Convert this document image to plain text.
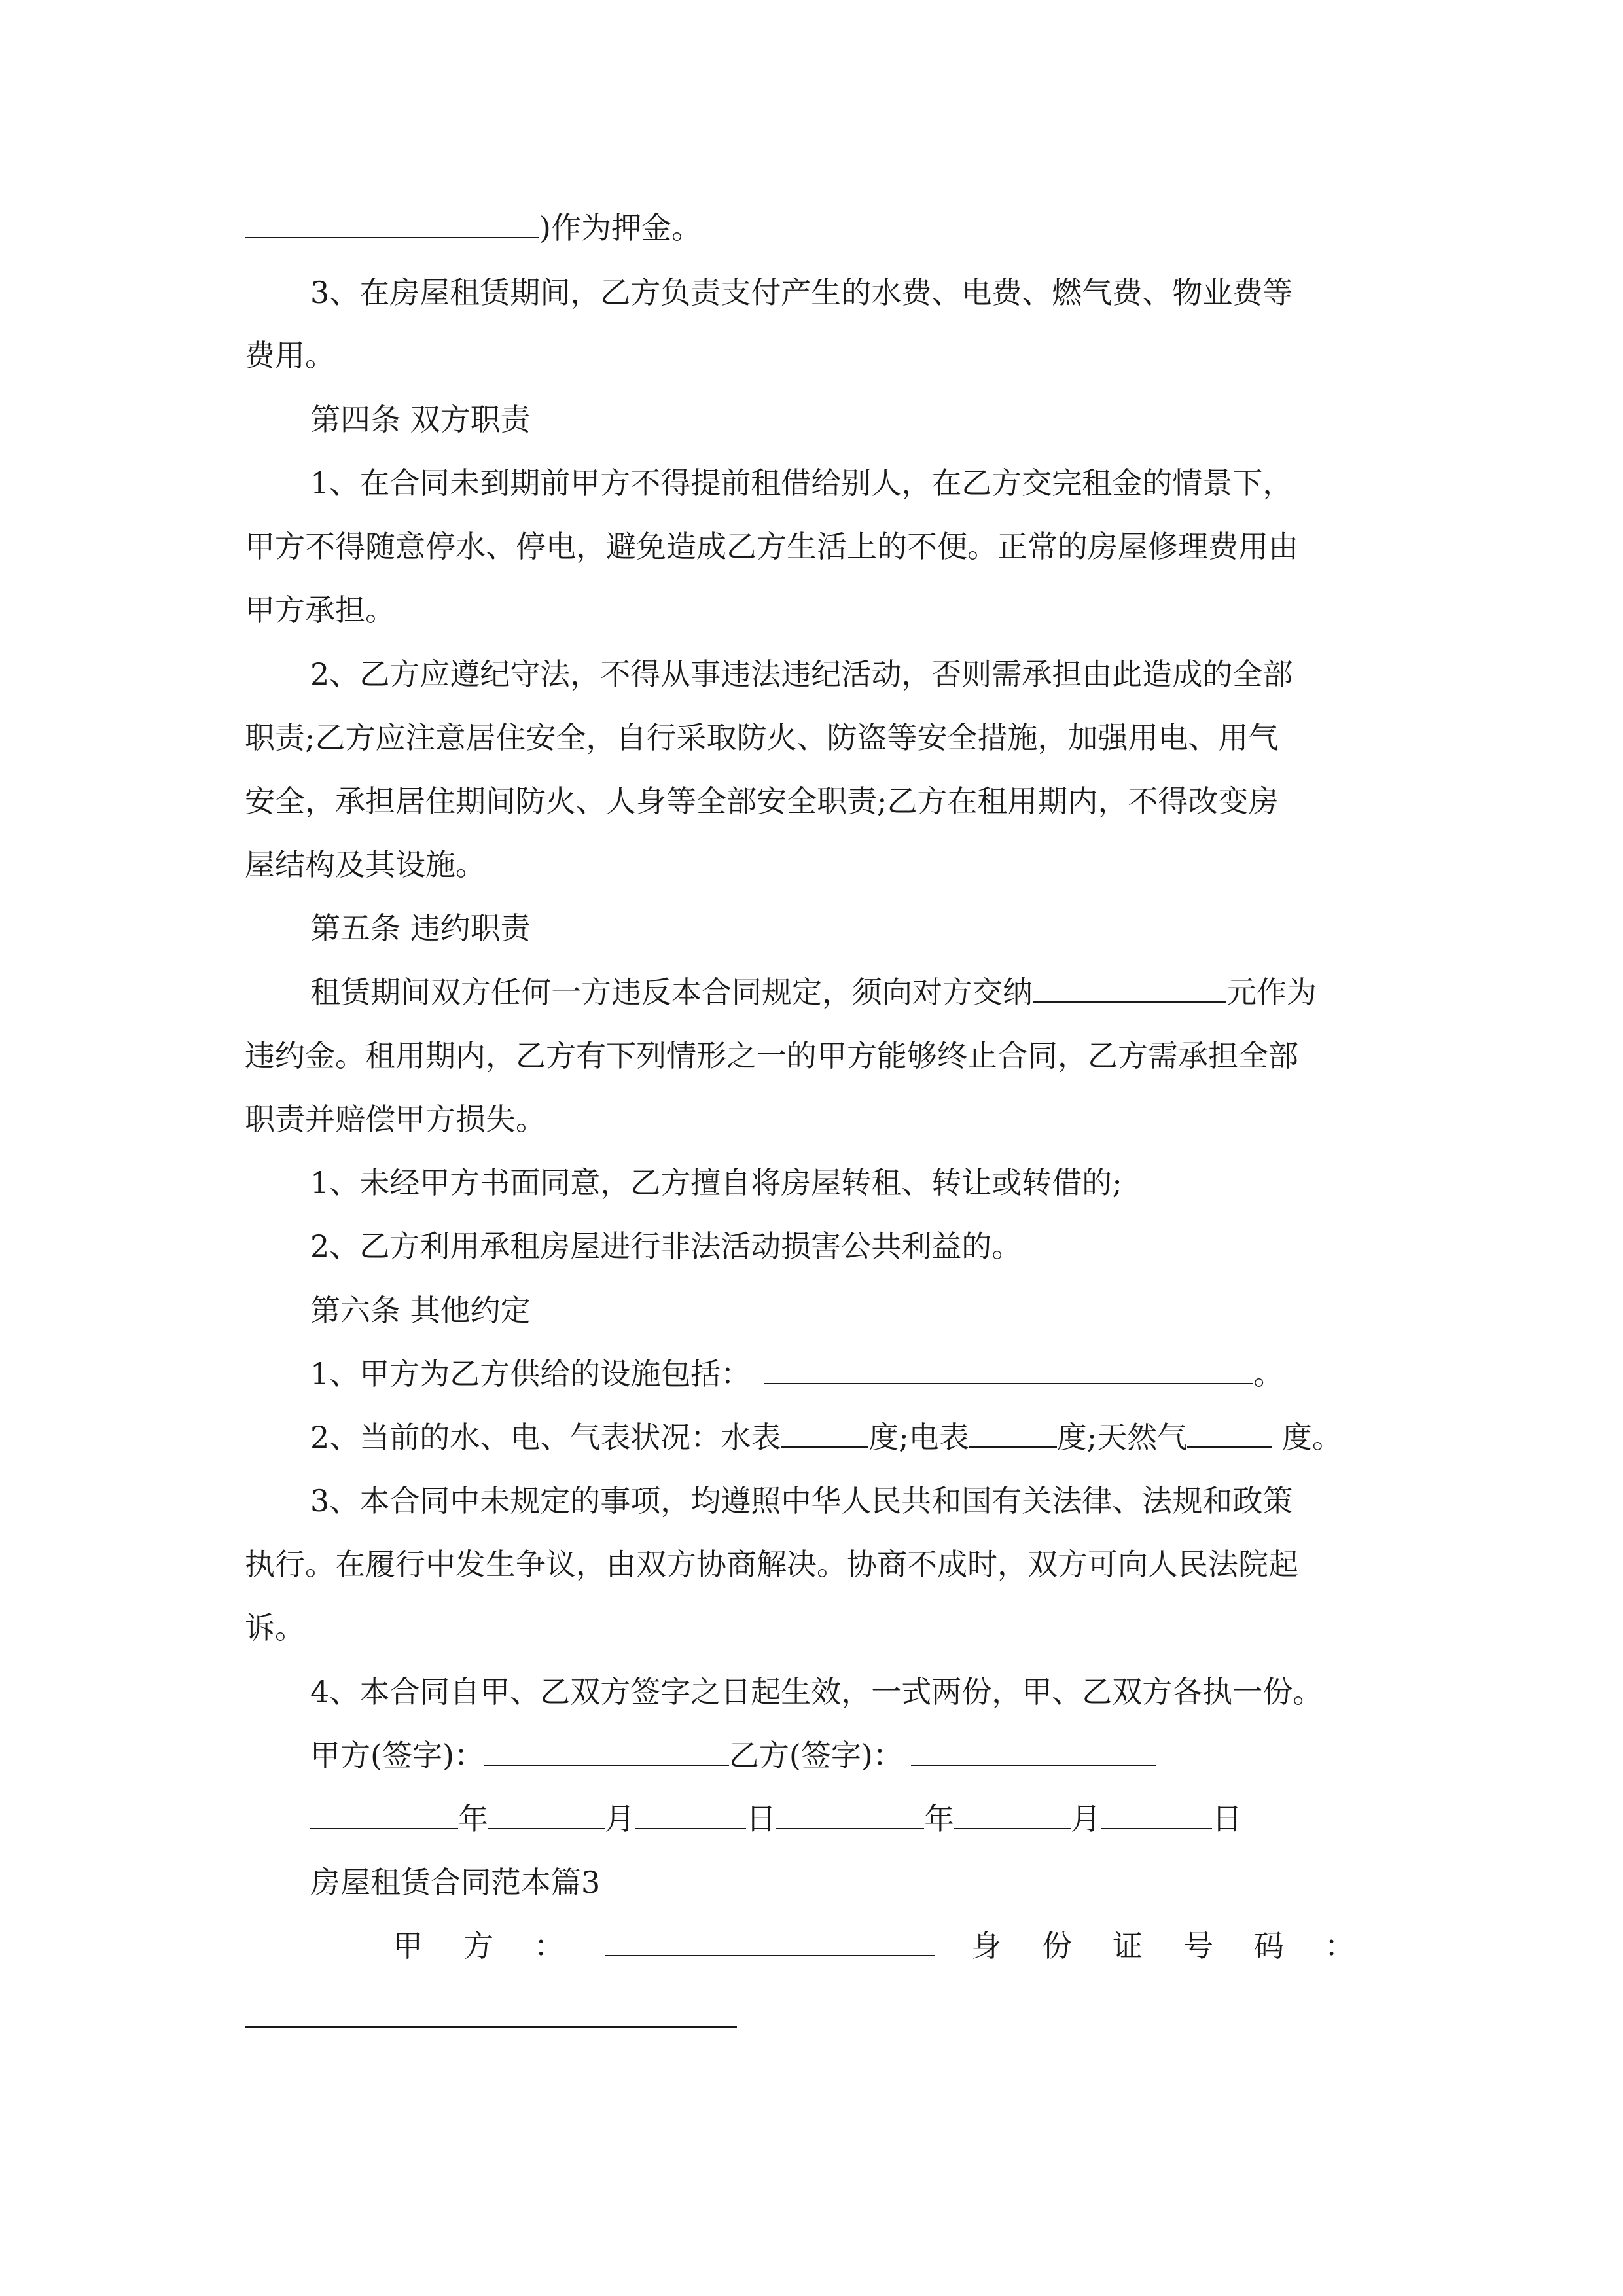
)作为押金。
3、在房屋租赁期间，乙方负责支付产生的水费、电费、燃气费、物业费等
费用。
第四条 双方职责
1、在合同未到期前甲方不得提前租借给别人，在乙方交完租金的情景下，
甲方不得随意停水、停电，避免造成乙方生活上的不便。正常的房屋修理费用由
甲方承担。
2、乙方应遵纪守法，不得从事违法违纪活动，否则需承担由此造成的全部
职责;乙方应注意居住安全，自行采取防火、防盗等安全措施，加强用电、用气
安全，承担居住期间防火、人身等全部安全职责;乙方在租用期内，不得改变房
屋结构及其设施。
第五条 违约职责
租赁期间双方任何一方违反本合同规定，须向对方交纳	元作为
违约金。租用期内，乙方有下列情形之一的甲方能够终止合同，乙方需承担全部
职责并赔偿甲方损失。
1、未经甲方书面同意，乙方擅自将房屋转租、转让或转借的;
2、乙方利用承租房屋进行非法活动损害公共利益的。
第六条 其他约定
1、甲方为乙方供给的设施包括：	。
2、当前的水、电、气表状况：水表	度;电表	度;天然气	度。
3、本合同中未规定的事项，均遵照中华人民共和国有关法律、法规和政策
执行。在履行中发生争议，由双方协商解决。协商不成时，双方可向人民法院起
诉。
4、本合同自甲、乙双方签字之日起生效，一式两份，甲、乙双方各执一份。
甲方(签字)：	乙方(签字)：
年	月	日	年	月	日
房屋租赁合同范本篇3
甲方：	身份证号码：
